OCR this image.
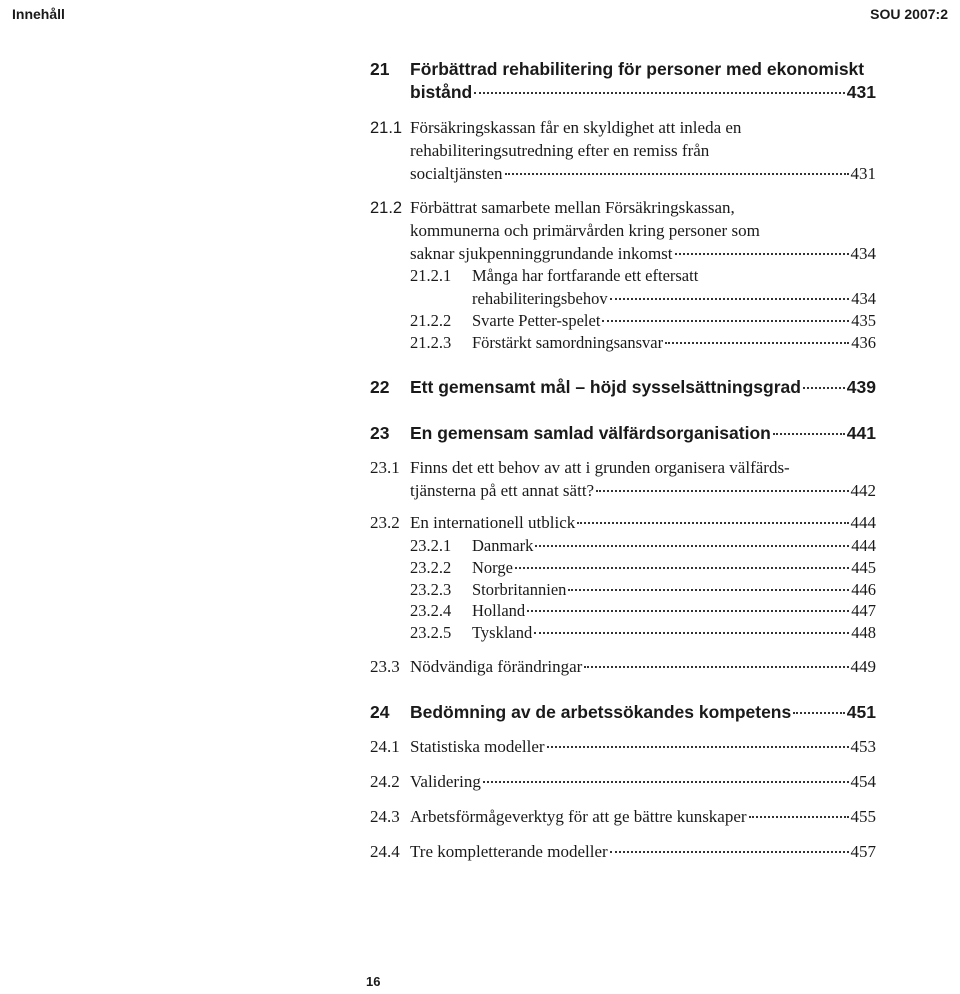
Innehåll	SOU 2007:2
21	Förbättrad rehabilitering för personer med ekonomiskt
bistånd	431
21.1 Försäkringskassan får en skyldighet att inleda en
rehabiliteringsutredning efter en remiss från
socialtjänsten	431
21.2 Förbättrat samarbete mellan Försäkringskassan,
kommunerna och primärvården kring personer som
saknar sjukpenninggrundande inkomst	434
21.2.1	Många har fortfarande ett eftersatt
rehabiliteringsbehov	434
21.2.2	Svarte Petter-spelet	435
21.2.3	Förstärkt samordningsansvar	436
22	Ett gemensamt mål – höjd sysselsättningsgrad	439
23	En gemensam samlad välfärdsorganisation	441
23.1 Finns det ett behov av att i grunden organisera välfärds-
tjänsterna på ett annat sätt?	442
23.2 En internationell utblick	444
23.2.1	Danmark	444
23.2.2	Norge	445
23.2.3	Storbritannien	446
23.2.4	Holland	447
23.2.5	Tyskland	448
23.3 Nödvändiga förändringar	449
24	Bedömning av de arbetssökandes kompetens	451
24.1 Statistiska modeller	453
24.2 Validering	454
24.3 Arbetsförmågeverktyg för att ge bättre kunskaper	455
24.4 Tre kompletterande modeller	457
16
